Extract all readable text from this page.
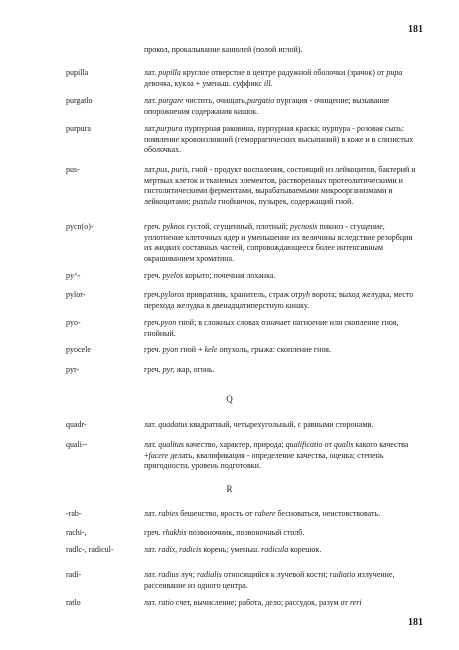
181
прокол, прокалывание канюлей (полой иглой).
pupilla	лат. pupilla круглое отверстие в центре радужной оболочки (зрачок) от pupa девочка, кукла + уменьш. суффикс ill.
purgatlo	лат. purgare чистить, очищать,purgatio пургация - очищение; вызывание опорожнения содержания кишок.
purpura	лат.purpura пурпурная раковина, пурпурная краска; пурпура - розовая сыпь: появление кровоизлияний (геморрагических высыпаний) в коже и в слизистых оболочках.
pus-	лат.pus, puris, гной - продукт воспаления, состоящий из лейкоцитов, бактерий и мертвых клеток и тканевых элементов, растворенных протеолитическими и гистолитическими ферментами, вырабатываемыми микроорганизмами и лейкоцитами; pustula гнойничок, пузырек, содержащий гной.
pycn(o)-	греч. pyknos густой, сгущенный, плотный; pycnosis пикноз - сгущение, уплотнение клеточных ядер и уменьшение их величины вследствие резорбции их жидких составных частей, сопровождающееся более интенсивным окрашиванием хроматина.
py^-	греч. pyelos корыто; почечная лоханка.
pylor-	греч.pyloros привратник, хранитель, страж отpyh ворота; выход желудка, место перехода желудка в двенадцатиперстную кишку.
pyo-	греч.pyon гной; в сложных словах означает нагноение или скопление гноя, гнойный.
pyocele	греч. pyon гной + kele опухоль, грыжа: скопление гноя.
pyr-	греч. pyr, жар, огонь.
Q
quadr-	лат. quadatus квадратный, четырехугольный, с равными сторонами.
quali--	лат. qualitas качество, характер, природа; qualificatio от qualis какого качества +facere делать, квалификация - определение качества, оценка; степень пригодности, уровень подготовки.
R
-rab-	лат. rabies бешенство, ярость от rabere бесноваться, неистовствовать.
rachi-,	греч. rhakhis позвоночник, позвоночный столб.
radlc-, radicul-	лат. radix, radicis корень; уменьш. radicula корешок.
radi-	лат. radius луч; radialis относящийся к лучевой кости; radiatio излучение, рассеивание из одного центра.
ratlo	лат. ratio счет, вычисление; работа, дело; рассудок, разум от reri
181
